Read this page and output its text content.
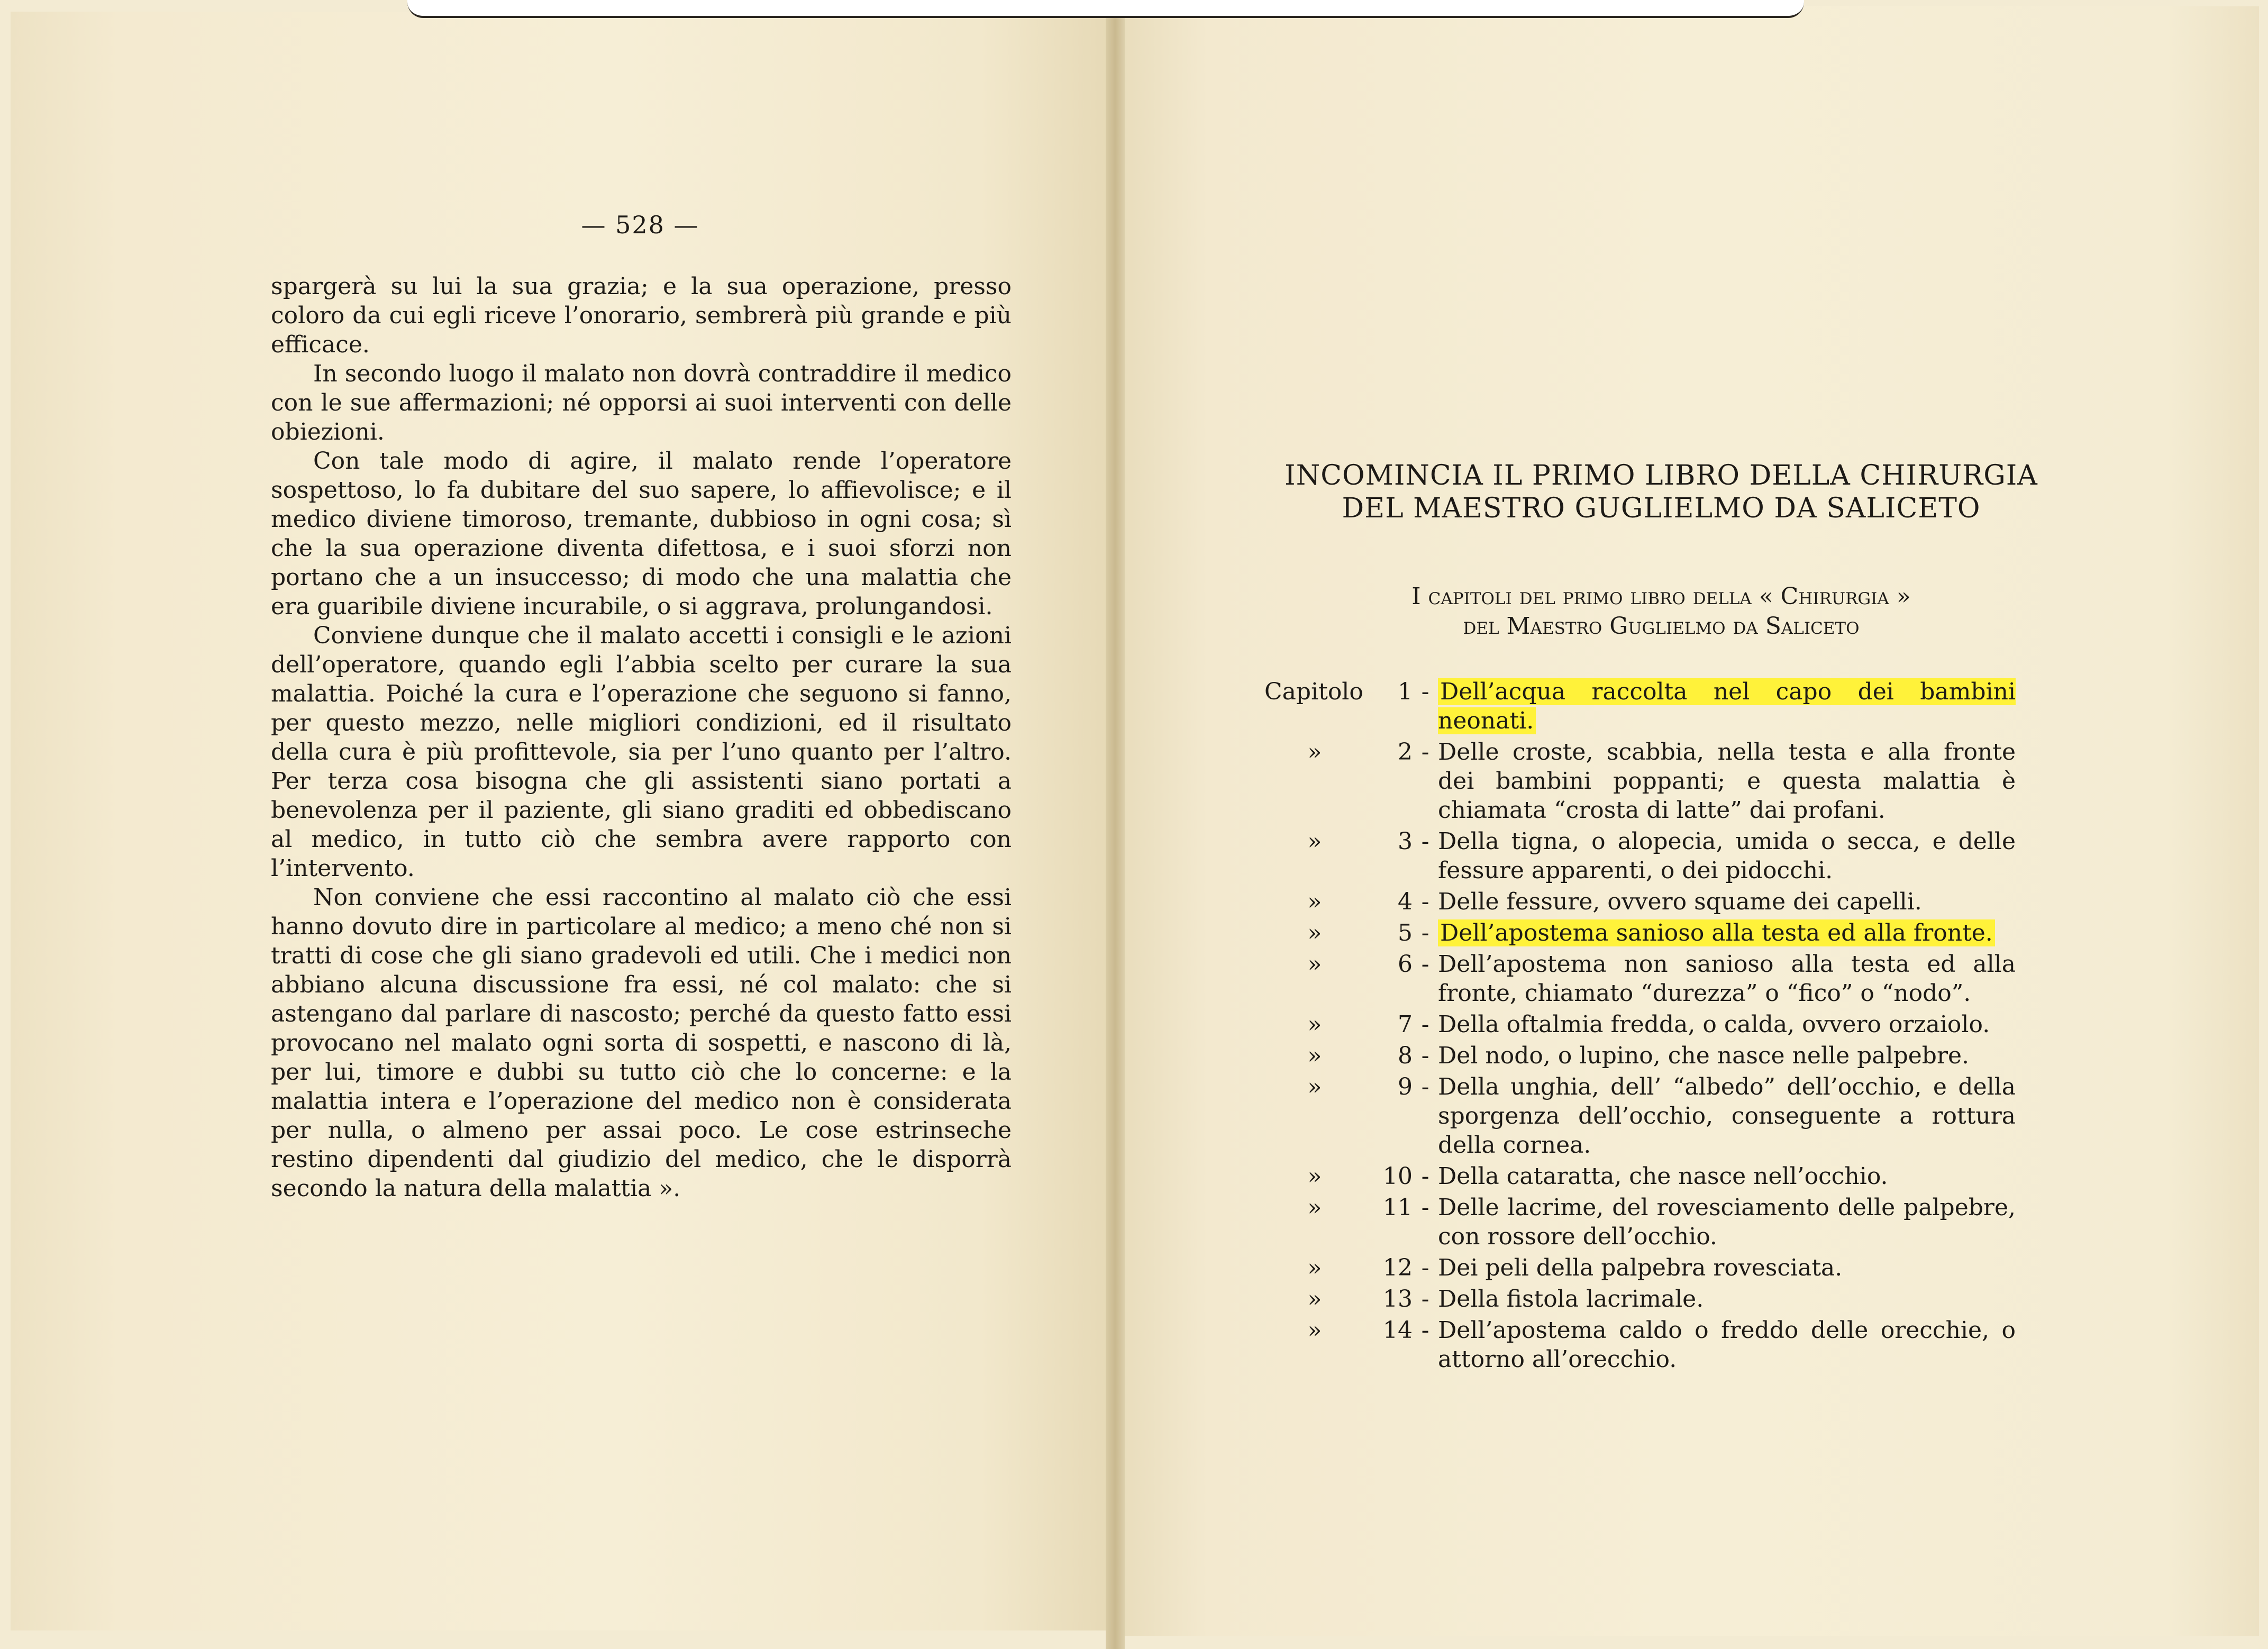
— 528 —

spargerà su lui la sua grazia; e la sua operazione, presso coloro da cui egli riceve l’onorario, sembrerà più grande e più efficace.

In secondo luogo il malato non dovrà contraddire il medico con le sue affermazioni; né opporsi ai suoi interventi con delle obiezioni.

Con tale modo di agire, il malato rende l’operatore sospettoso, lo fa dubitare del suo sapere, lo affievolisce; e il medico diviene timoroso, tremante, dubbioso in ogni cosa; sì che la sua operazione diventa difettosa, e i suoi sforzi non portano che a un insuccesso; di modo che una malattia che era guaribile diviene incurabile, o si aggrava, prolungandosi.

Conviene dunque che il malato accetti i consigli e le azioni dell’operatore, quando egli l’abbia scelto per curare la sua malattia. Poiché la cura e l’operazione che seguono si fanno, per questo mezzo, nelle migliori condizioni, ed il risultato della cura è più profittevole, sia per l’uno quanto per l’altro. Per terza cosa bisogna che gli assistenti siano portati a benevolenza per il paziente, gli siano graditi ed obbediscano al medico, in tutto ciò che sembra avere rapporto con l’intervento.

Non conviene che essi raccontino al malato ciò che essi hanno dovuto dire in particolare al medico; a meno ché non si tratti di cose che gli siano gradevoli ed utili. Che i medici non abbiano alcuna discussione fra essi, né col malato: che si astengano dal parlare di nascosto; perché da questo fatto essi provocano nel malato ogni sorta di sospetti, e nascono di là, per lui, timore e dubbi su tutto ciò che lo concerne: e la malattia intera e l’operazione del medico non è considerata per nulla, o almeno per assai poco. Le cose estrinseche restino dipendenti dal giudizio del medico, che le disporrà secondo la natura della malattia ».

INCOMINCIA IL PRIMO LIBRO DELLA CHIRURGIA
DEL MAESTRO GUGLIELMO DA SALICETO
I capitoli del primo libro della « Chirurgia »
del Maestro Guglielmo da Saliceto
Capitolo	1 - Dell’acqua raccolta nel capo dei bambini neonati.
»	2 - Delle croste, scabbia, nella testa e alla fronte dei bambini poppanti; e questa malattia è chiamata “crosta di latte” dai profani.
»	3 - Della tigna, o alopecia, umida o secca, e delle fessure apparenti, o dei pidocchi.
»	4 - Delle fessure, ovvero squame dei capelli.
»	5 - Dell’apostema sanioso alla testa ed alla fronte.
»	6 - Dell’apostema non sanioso alla testa ed alla fronte, chiamato “durezza” o “fico” o “nodo”.
»	7 - Della oftalmia fredda, o calda, ovvero orzaiolo.
»	8 - Del nodo, o lupino, che nasce nelle palpebre.
»	9 - Della unghia, dell’ “albedo” dell’occhio, e della sporgenza dell’occhio, conseguente a rottura della cornea.
»	10 - Della cataratta, che nasce nell’occhio.
»	11 - Delle lacrime, del rovesciamento delle palpebre, con rossore dell’occhio.
»	12 - Dei peli della palpebra rovesciata.
»	13 - Della fistola lacrimale.
»	14 - Dell’apostema caldo o freddo delle orecchie, o attorno all’orecchio.
